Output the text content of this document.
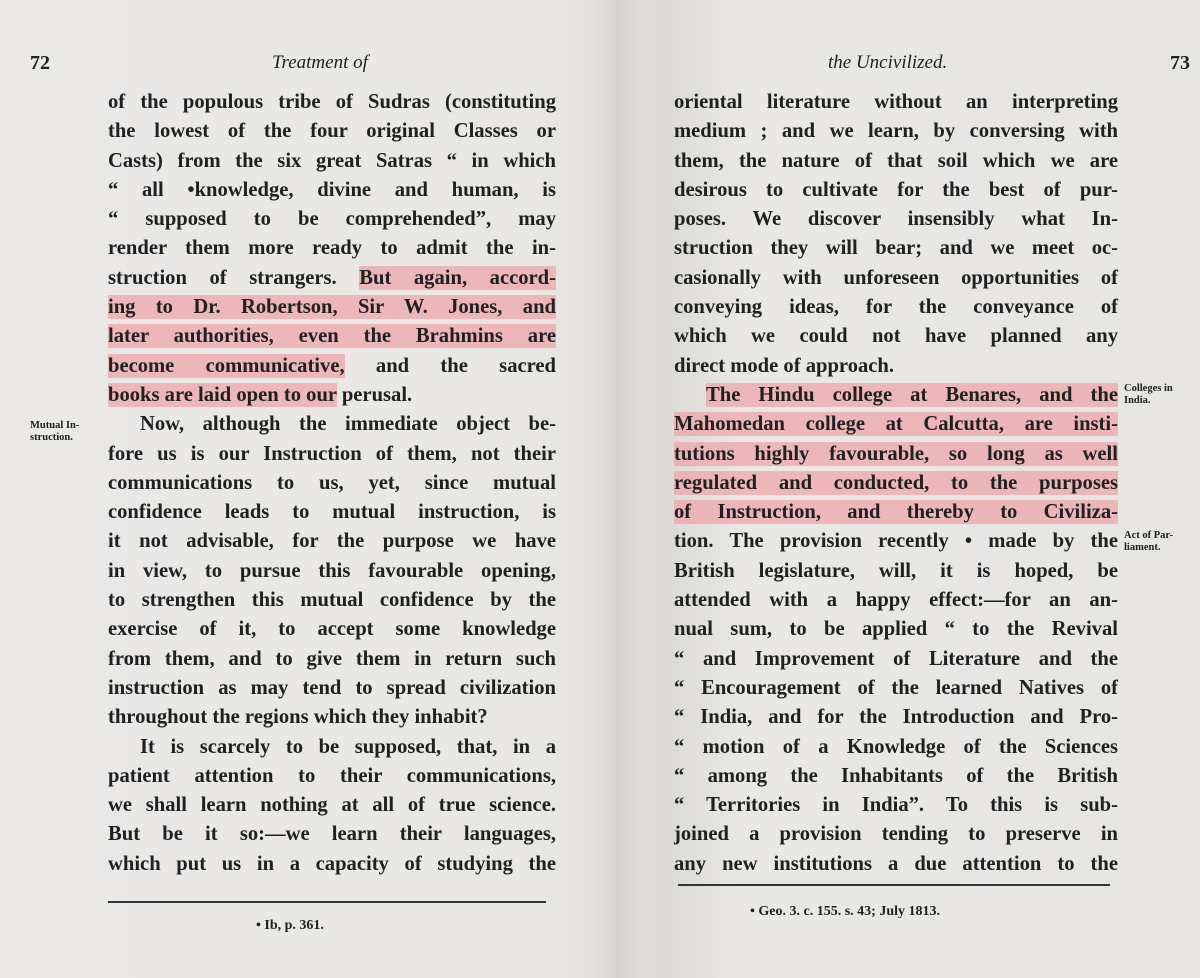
72	Treatment of
Mutual In- struction.
of the populous tribe of Sudras (constituting
the lowest of the four original Classes or
Casts) from the six great Satras “ in which
“ all •knowledge, divine and human, is
“ supposed to be comprehended”, may
render them more ready to admit the in-
struction of strangers. But again, accord-
ing to Dr. Robertson, Sir W. Jones, and
later authorities, even the Brahmins are
become communicative, and the sacred
books are laid open to our perusal.
Now, although the immediate object be-
fore us is our Instruction of them, not their
communications to us, yet, since mutual
confidence leads to mutual instruction, is
it not advisable, for the purpose we have
in view, to pursue this favourable opening,
to strengthen this mutual confidence by the
exercise of it, to accept some knowledge
from them, and to give them in return such
instruction as may tend to spread civilization
throughout the regions which they inhabit?
It is scarcely to be supposed, that, in a
patient attention to their communications,
we shall learn nothing at all of true science.
But be it so:—we learn their languages,
which put us in a capacity of studying the
• Ib, p. 361.
the Uncivilized.	73
Colleges in India.
Act of Par- liament.
oriental literature without an interpreting
medium ; and we learn, by conversing with
them, the nature of that soil which we are
desirous to cultivate for the best of pur-
poses. We discover insensibly what In-
struction they will bear; and we meet oc-
casionally with unforeseen opportunities of
conveying ideas, for the conveyance of
which we could not have planned any
direct mode of approach.
The Hindu college at Benares, and the
Mahomedan college at Calcutta, are insti-
tutions highly favourable, so long as well
regulated and conducted, to the purposes
of Instruction, and thereby to Civiliza-
tion. The provision recently • made by the
British legislature, will, it is hoped, be
attended with a happy effect:—for an an-
nual sum, to be applied “ to the Revival
“ and Improvement of Literature and the
“ Encouragement of the learned Natives of
“ India, and for the Introduction and Pro-
“ motion of a Knowledge of the Sciences
“ among the Inhabitants of the British
“ Territories in India”. To this is sub-
joined a provision tending to preserve in
any new institutions a due attention to the
• Geo. 3. c. 155. s. 43; July 1813.
